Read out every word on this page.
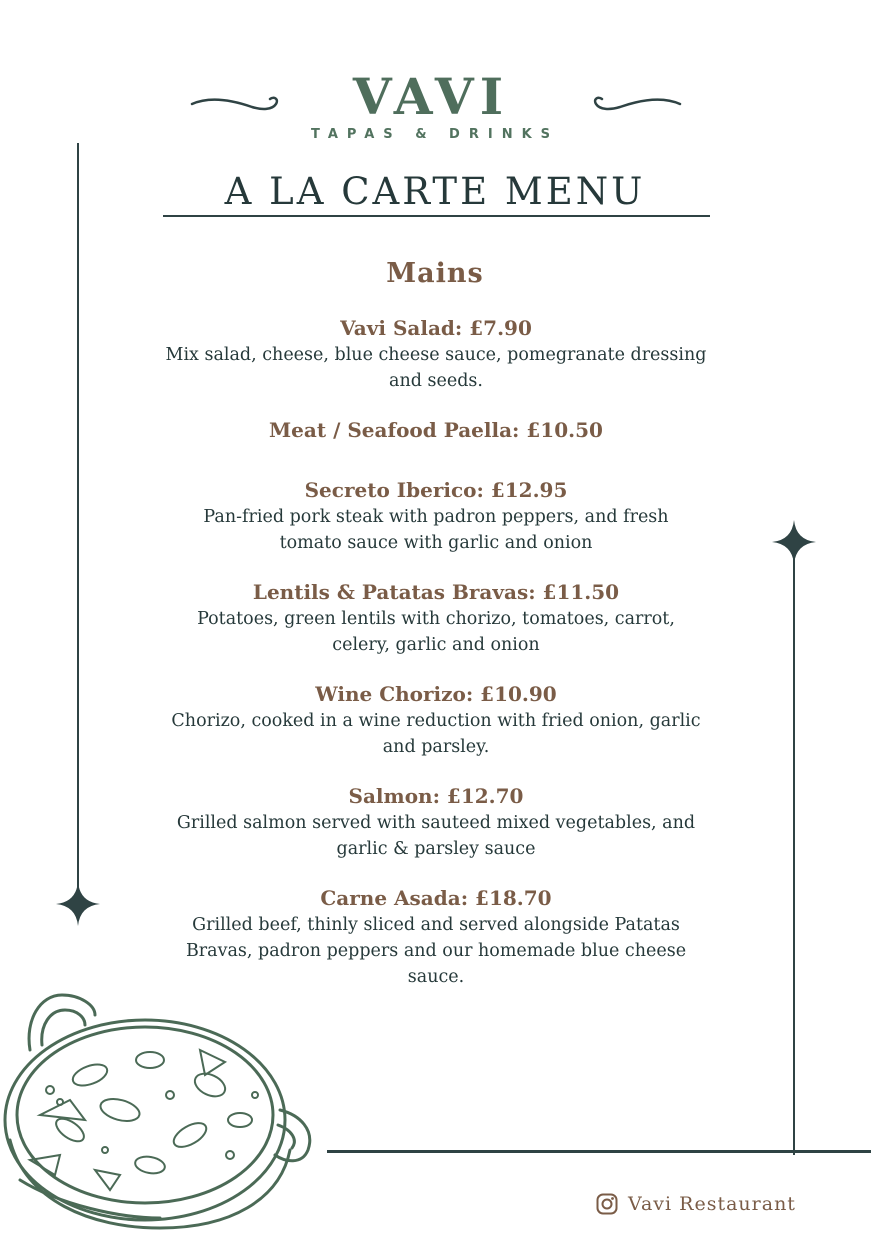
VAVI
TAPAS & DRINKS
A LA CARTE MENU
Mains
Vavi Salad: £7.90
Mix salad, cheese, blue cheese sauce, pomegranate dressing and seeds.
Meat / Seafood Paella: £10.50
Secreto Iberico: £12.95
Pan-fried pork steak with padron peppers, and fresh tomato sauce with garlic and onion
Lentils & Patatas Bravas: £11.50
Potatoes, green lentils with chorizo, tomatoes, carrot, celery, garlic and onion
Wine Chorizo: £10.90
Chorizo, cooked in a wine reduction with fried onion, garlic and parsley.
Salmon: £12.70
Grilled salmon served with sauteed mixed vegetables, and garlic & parsley sauce
Carne Asada: £18.70
Grilled beef, thinly sliced and served alongside Patatas Bravas, padron peppers and our homemade blue cheese sauce.
Vavi Restaurant
